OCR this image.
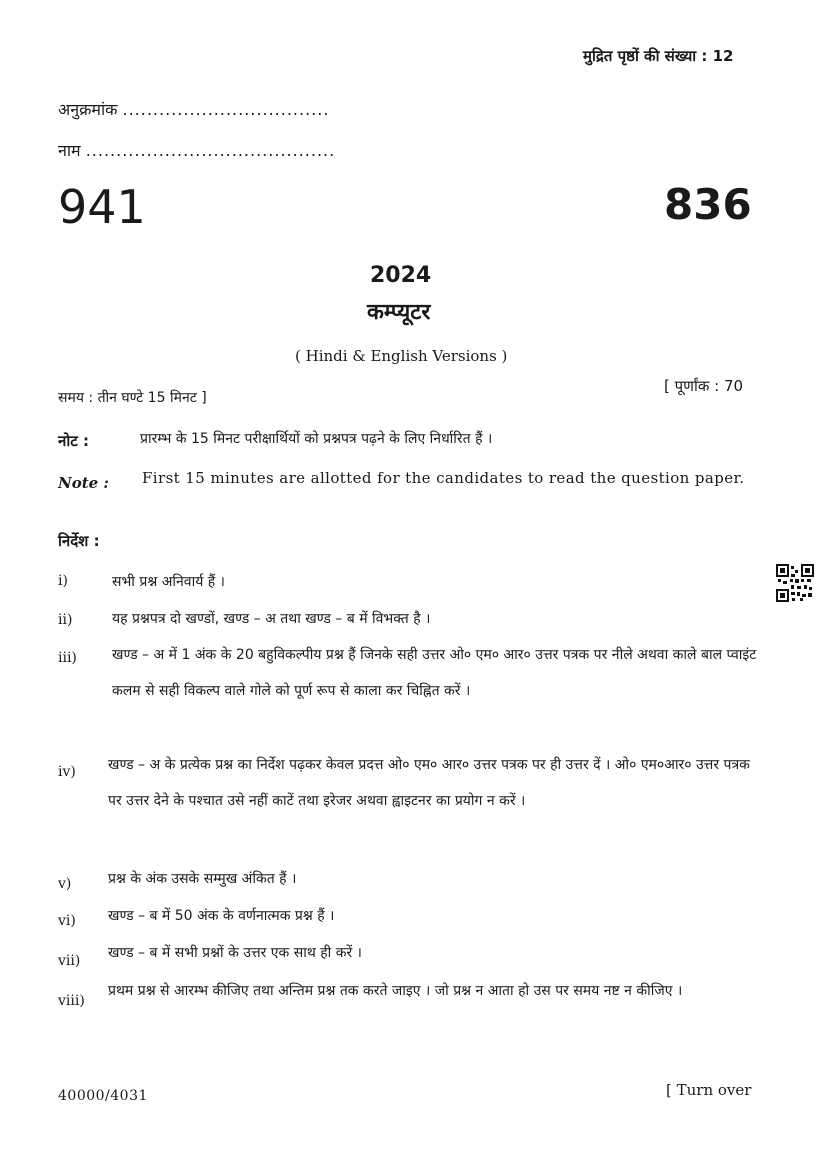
मुद्रित पृष्ठों की संख्या : 12
अनुक्रमांक ..................................
नाम .........................................
941	836
2024
कम्प्यूटर
( Hindi & English Versions )
समय : तीन घण्टे 15 मिनट ]
[ पूर्णांक : 70
नोट :	प्रारम्भ के 15 मिनट परीक्षार्थियों को प्रश्नपत्र पढ़ने के लिए निर्धारित हैं ।
Note : First 15 minutes are allotted for the candidates to read the question paper.
निर्देश :
i)	सभी प्रश्न अनिवार्य हैं ।
ii)	यह प्रश्नपत्र दो खण्डों, खण्ड – अ तथा खण्ड – ब में विभक्त है ।
iii)	खण्ड – अ में 1 अंक के 20 बहुविकल्पीय प्रश्न हैं जिनके सही उत्तर ओ० एम० आर० उत्तर पत्रक पर नीले अथवा काले बाल प्वाइंट कलम से सही विकल्प वाले गोले को पूर्ण रूप से काला कर चिह्नित करें ।
iv) खण्ड – अ के प्रत्येक प्रश्न का निर्देश पढ़कर केवल प्रदत्त ओ० एम० आर० उत्तर पत्रक पर ही उत्तर दें । ओ० एम०आर० उत्तर पत्रक पर उत्तर देने के पश्चात उसे नहीं काटें तथा इरेजर अथवा ह्वाइटनर का प्रयोग न करें ।
v)	प्रश्न के अंक उसके सम्मुख अंकित हैं ।
vi) खण्ड – ब में 50 अंक के वर्णनात्मक प्रश्न हैं ।
vii) खण्ड – ब में सभी प्रश्नों के उत्तर एक साथ ही करें ।
viii)
प्रथम प्रश्न से आरम्भ कीजिए तथा अन्तिम प्रश्न तक करते जाइए । जो प्रश्न न आता हो उस पर समय नष्ट न कीजिए ।
40000/4031	[ Turn over
